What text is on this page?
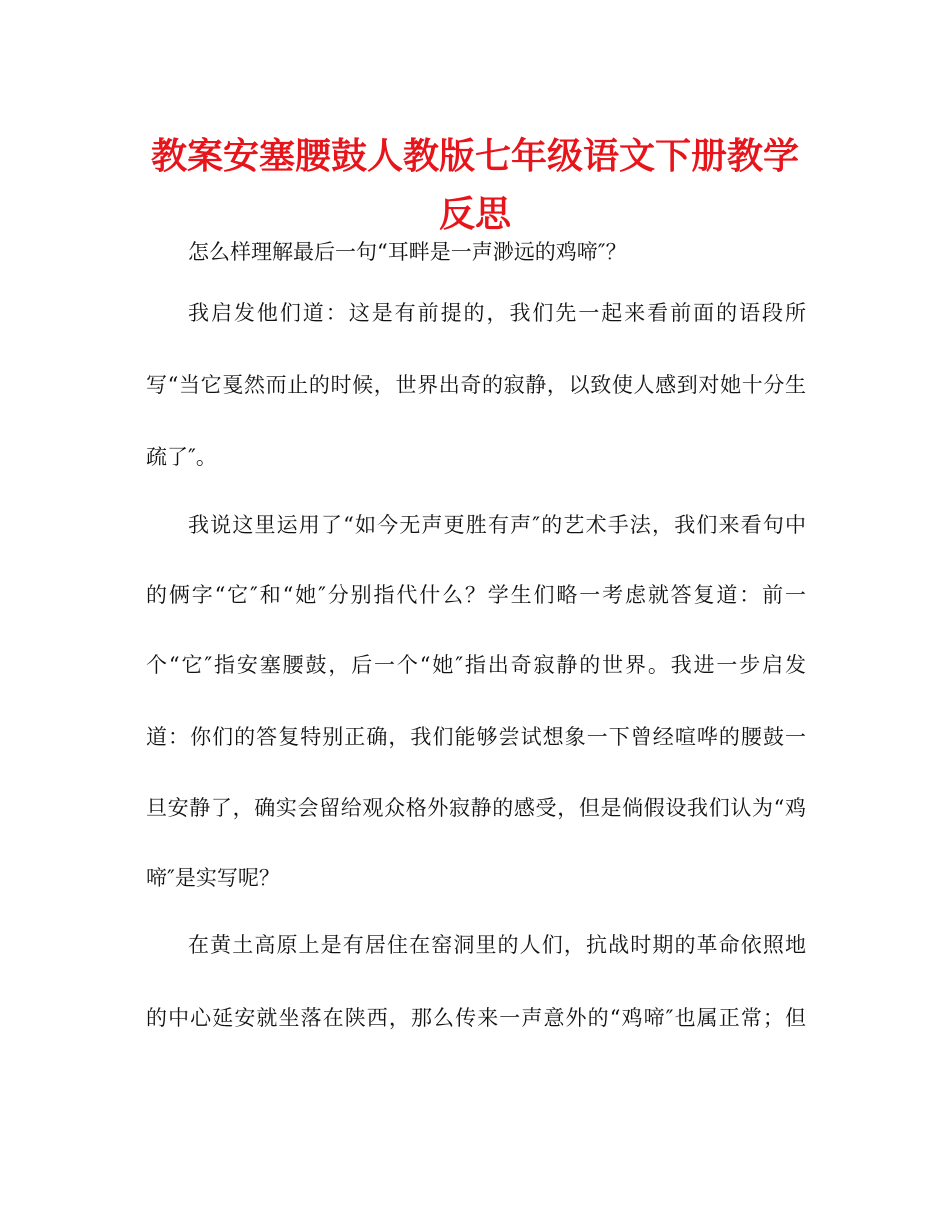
教案安塞腰鼓人教版七年级语文下册教学
反思

怎么样理解最后一句“耳畔是一声渺远的鸡啼″？

我启发他们道：这是有前提的，我们先一起来看前面的语段所

写“当它戛然而止的时候，世界出奇的寂静，以致使人感到对她十分生

疏了″。

我说这里运用了“如今无声更胜有声″的艺术手法，我们来看句中

的俩字“它″和“她″分别指代什么？学生们略一考虑就答复道：前一

个“它″指安塞腰鼓，后一个“她″指出奇寂静的世界。我进一步启发

道：你们的答复特别正确，我们能够尝试想象一下曾经喧哗的腰鼓一

旦安静了，确实会留给观众格外寂静的感受，但是倘假设我们认为“鸡

啼″是实写呢？

在黄土高原上是有居住在窑洞里的人们，抗战时期的革命依照地

的中心延安就坐落在陕西，那么传来一声意外的“鸡啼″也属正常；但
